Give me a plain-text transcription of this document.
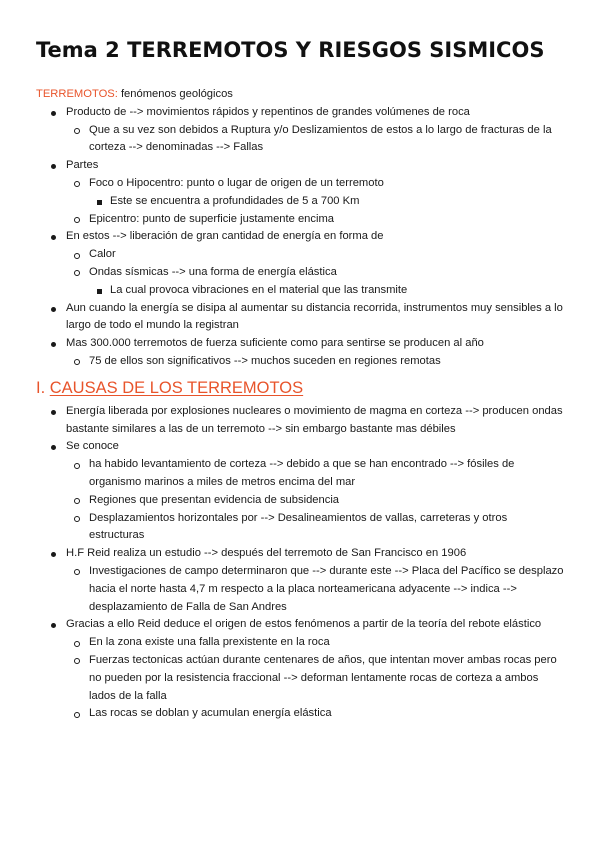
Tema 2 TERREMOTOS Y RIESGOS SISMICOS

TERREMOTOS: fenómenos geológicos

Producto de --> movimientos rápidos y repentinos de grandes volúmenes de roca
Que a su vez son debidos a Ruptura y/o Deslizamientos de estos a lo largo de fracturas de la corteza --> denominadas --> Fallas
Partes
Foco o Hipocentro: punto o lugar de origen de un terremoto
Este se encuentra a profundidades de 5 a 700 Km
Epicentro: punto de superficie justamente encima
En estos --> liberación de gran cantidad de energía en forma de
Calor
Ondas sísmicas --> una forma de energía elástica
La cual provoca vibraciones en el material que las transmite
Aun cuando la energía se disipa al aumentar su distancia recorrida, instrumentos muy sensibles a lo largo de todo el mundo la registran
Mas 300.000 terremotos de fuerza suficiente como para sentirse se producen al año
75 de ellos son significativos --> muchos suceden en regiones remotas
I. CAUSAS DE LOS TERREMOTOS
Energía liberada por explosiones nucleares o movimiento de magma en corteza --> producen ondas bastante similares a las de un terremoto --> sin embargo bastante mas débiles
Se conoce
ha habido levantamiento de corteza --> debido a que se han encontrado --> fósiles de organismo marinos a miles de metros encima del mar
Regiones que presentan evidencia de subsidencia
Desplazamientos horizontales por --> Desalineamientos de vallas, carreteras y otros estructuras
H.F Reid realiza un estudio --> después del terremoto de San Francisco en 1906
Investigaciones de campo determinaron que --> durante este --> Placa del Pacífico se desplazo hacia el norte hasta 4,7 m respecto a la placa norteamericana adyacente --> indica --> desplazamiento de Falla de San Andres
Gracias a ello Reid deduce el origen de estos fenómenos a partir de la teoría del rebote elástico
En la zona existe una falla prexistente en la roca
Fuerzas tectonicas actúan durante centenares de años, que intentan mover ambas rocas pero no pueden por la resistencia fraccional --> deforman lentamente rocas de corteza a ambos lados de la falla
Las rocas se doblan y acumulan energía elástica
